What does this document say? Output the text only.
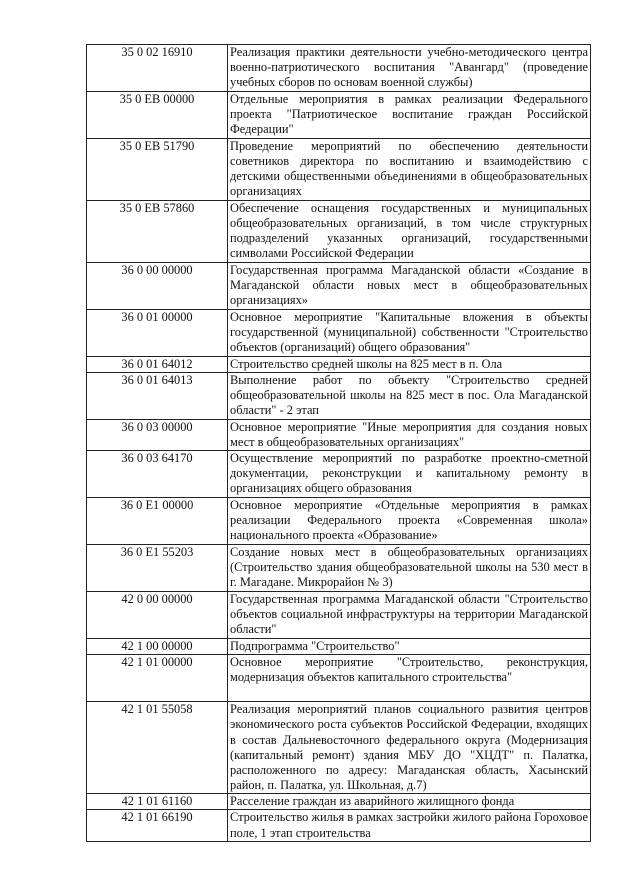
35 0 02 16910	Реализация практики деятельности учебно-методического центра военно-патриотического воспитания "Авангард" (проведение учебных сборов по основам военной службы)
35 0 EВ 00000	Отдельные мероприятия в рамках реализации Федерального проекта "Патриотическое воспитание граждан Российской Федерации"
35 0 EВ 51790	Проведение мероприятий по обеспечению деятельности советников директора по воспитанию и взаимодействию с детскими общественными объединениями в общеобразовательных организациях
35 0 EВ 57860	Обеспечение оснащения государственных и муниципальных общеобразовательных организаций, в том числе структурных подразделений указанных организаций, государственными символами Российской Федерации
36 0 00 00000	Государственная программа Магаданской области «Создание в Магаданской области новых мест в общеобразовательных организациях»
36 0 01 00000	Основное мероприятие "Капитальные вложения в объекты государственной (муниципальной) собственности "Строительство объектов (организаций) общего образования"
36 0 01 64012	Строительство средней школы на 825 мест в п. Ола
36 0 01 64013	Выполнение работ по объекту "Строительство средней общеобразовательной школы на 825 мест в пос. Ола Магаданской области" - 2 этап
36 0 03 00000	Основное мероприятие "Иные мероприятия для создания новых мест в общеобразовательных организациях"
36 0 03 64170	Осуществление мероприятий по разработке проектно-сметной документации, реконструкции и капитальному ремонту в организациях общего образования
36 0 E1 00000	Основное мероприятие «Отдельные мероприятия в рамках реализации Федерального проекта «Современная школа» национального проекта «Образование»
36 0 E1 55203	Создание новых мест в общеобразовательных организациях (Строительство здания общеобразовательной школы на 530 мест в г. Магадане. Микрорайон № 3)
42 0 00 00000	Государственная программа Магаданской области "Строительство объектов социальной инфраструктуры на территории Магаданской области"
42 1 00 00000	Подпрограмма "Строительство"
42 1 01 00000	Основное мероприятие "Строительство, реконструкция, модернизация объектов капитального строительства"
42 1 01 55058	Реализация мероприятий планов социального развития центров экономического роста субъектов Российской Федерации, входящих в состав Дальневосточного федерального округа (Модернизация (капитальный ремонт) здания МБУ ДО "ХЦДТ" п. Палатка, расположенного по адресу: Магаданская область, Хасынский район, п. Палатка, ул. Школьная, д.7)
42 1 01 61160	Расселение граждан из аварийного жилищного фонда
42 1 01 66190	Строительство жилья в рамках застройки жилого района Гороховое поле, 1 этап строительства
